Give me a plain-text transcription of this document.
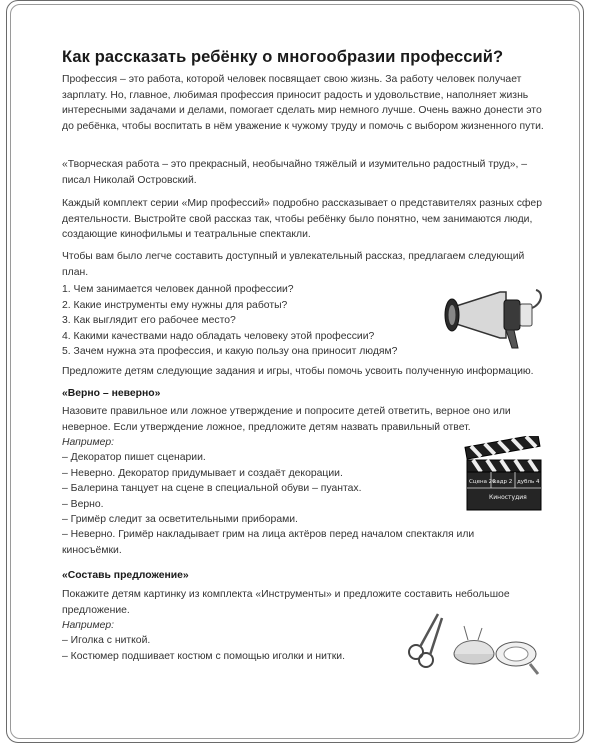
Как рассказать ребёнку о многообразии профессий?
Профессия – это работа, которой человек посвящает свою жизнь. За работу человек получает зарплату. Но, главное, любимая профессия приносит радость и удовольствие, наполняет жизнь интересными задачами и делами, помогает сделать мир немного лучше. Очень важно донести это до ребёнка, чтобы воспитать в нём уважение к чужому труду и помочь с выбором жизненного пути.
«Творческая работа – это прекрасный, необычайно тяжёлый и изумительно радостный труд», – писал Николай Островский.
Каждый комплект серии «Мир профессий» подробно рассказывает о представителях разных сфер деятельности. Выстройте свой рассказ так, чтобы ребёнку было понятно, чем занимаются люди, создающие кинофильмы и театральные спектакли.
Чтобы вам было легче составить доступный и увлекательный рассказ, предлагаем следующий план.
1. Чем занимается человек данной профессии?
2. Какие инструменты ему нужны для работы?
3. Как выглядит его рабочее место?
4. Какими качествами надо обладать человеку этой профессии?
5. Зачем нужна эта профессия, и какую пользу она приносит людям?
Предложите детям следующие задания и игры, чтобы помочь усвоить полученную информацию.
«Верно – неверно»
Назовите правильное или ложное утверждение и попросите детей ответить, верное оно или неверное. Если утверждение ложное, предложите детям назвать правильный ответ.
Например:
– Декоратор пишет сценарии.
– Неверно. Декоратор придумывает и создаёт декорации.
– Балерина танцует на сцене в специальной обуви – пуантах.
– Верно.
– Гримёр следит за осветительными приборами.
– Неверно. Гримёр накладывает грим на лица актёров перед началом спектакля или киносъёмки.
Сцена 20
кадр 2 дубль 4
Киностудия
«Составь предложение»
Покажите детям картинку из комплекта «Инструменты» и предложите составить небольшое предложение.
Например:
– Иголка с ниткой.
– Костюмер подшивает костюм с помощью иголки и нитки.
